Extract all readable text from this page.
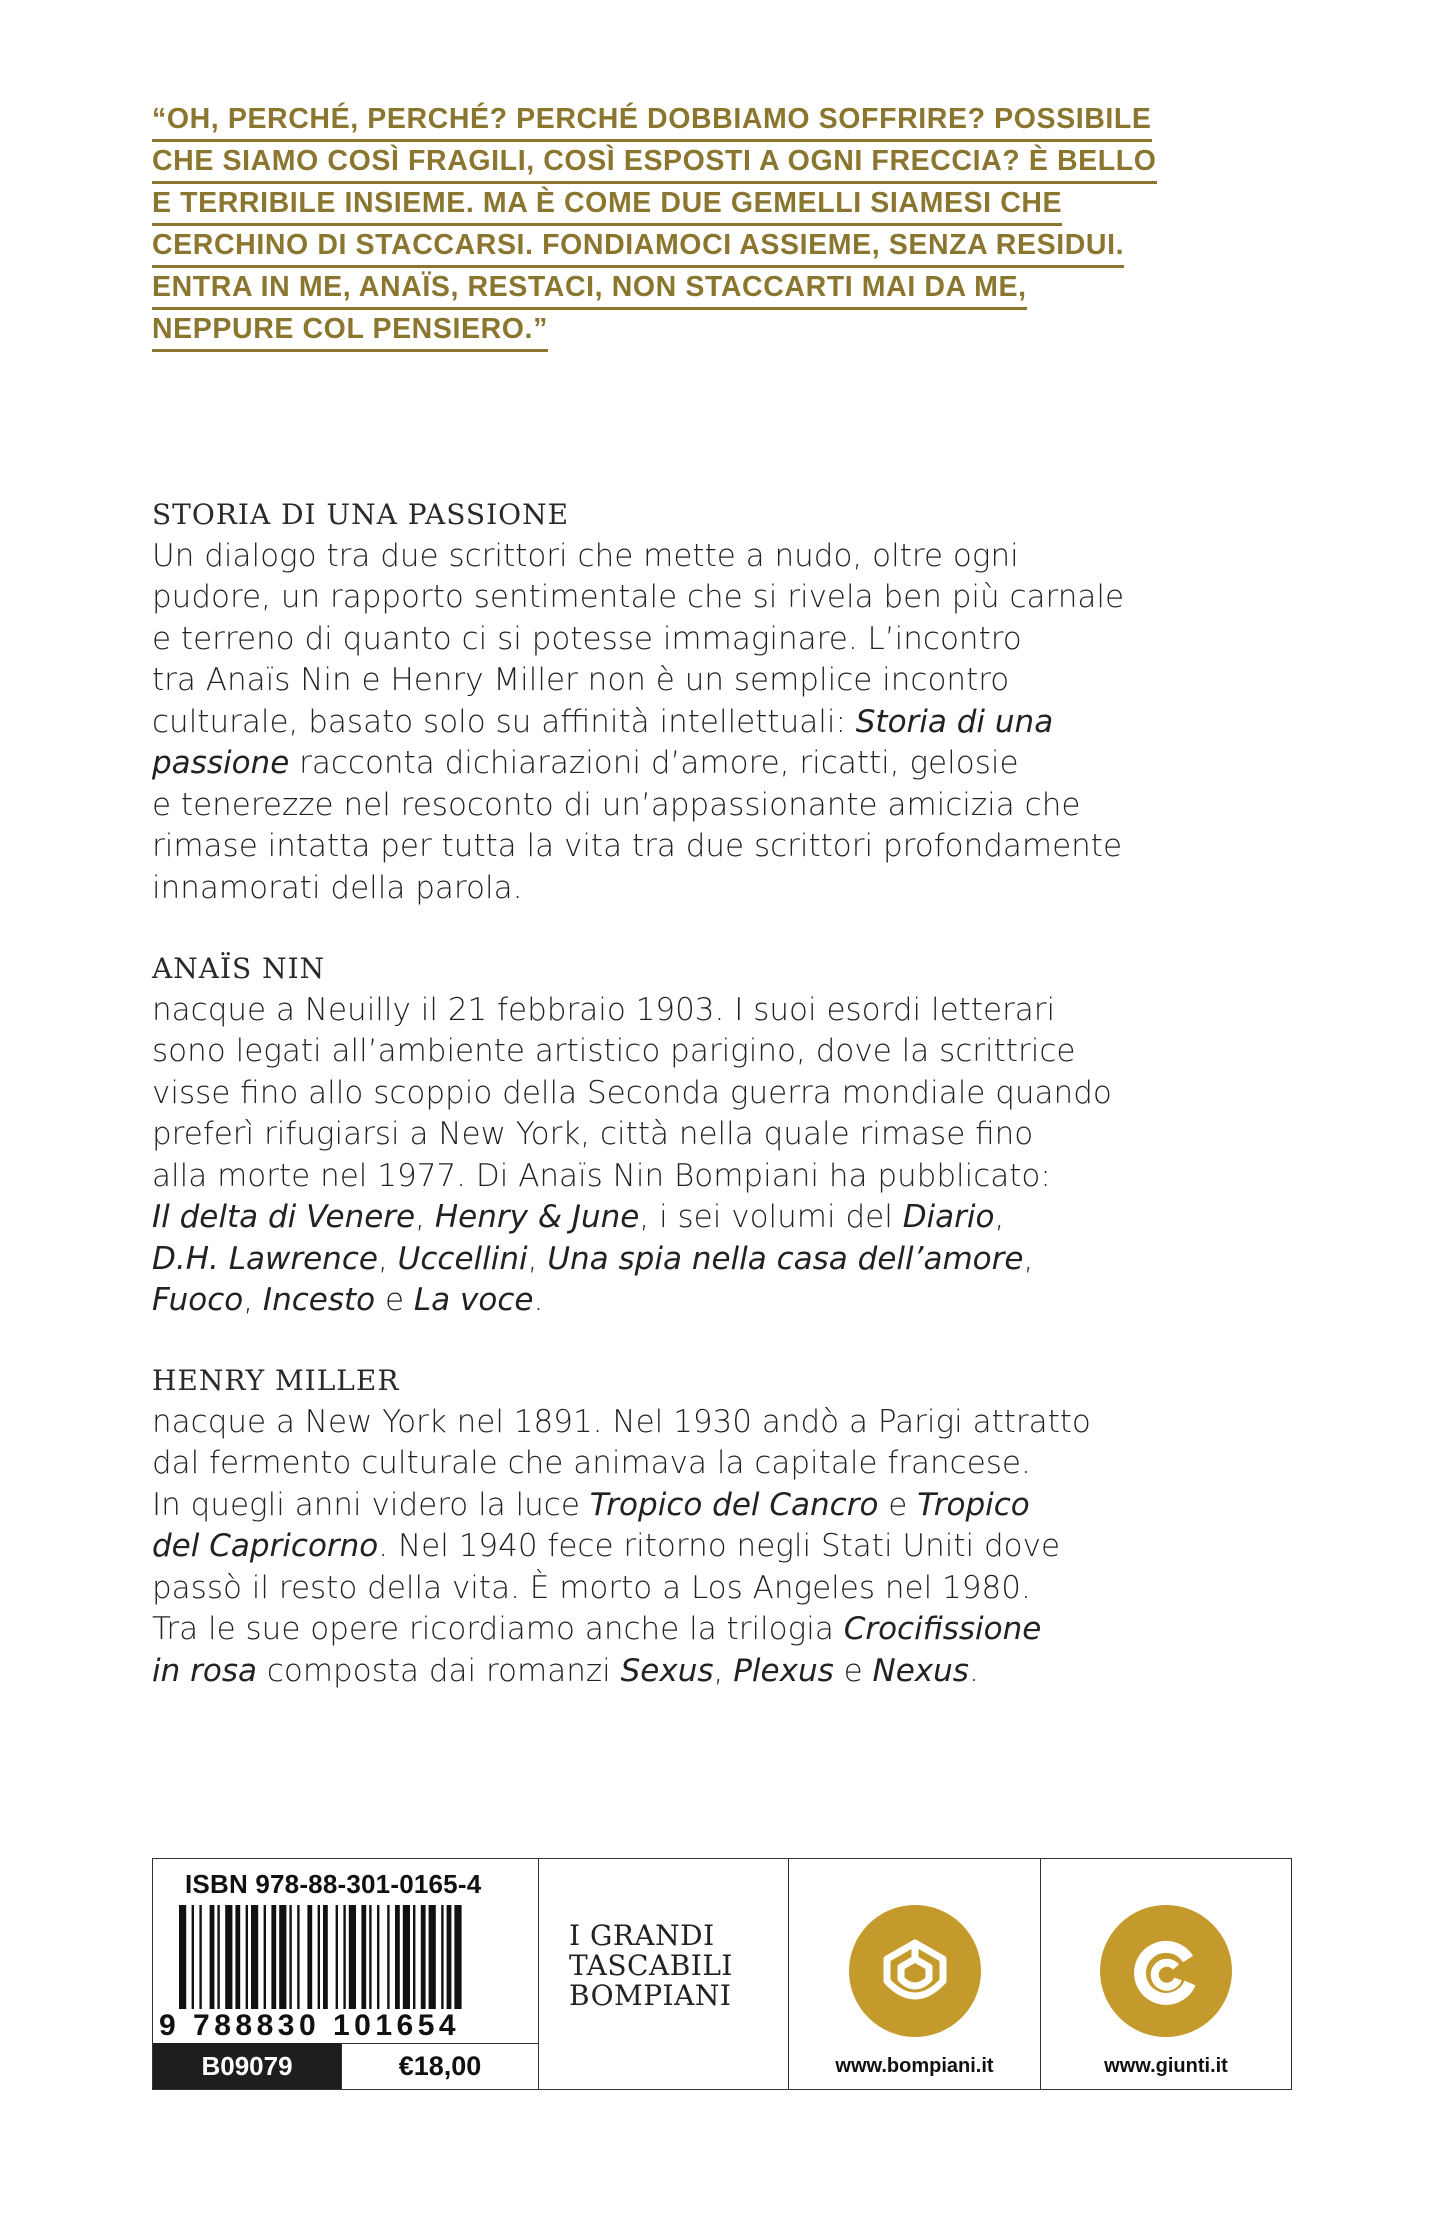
“OH, PERCHÉ, PERCHÉ? PERCHÉ DOBBIAMO SOFFRIRE? POSSIBILE
CHE SIAMO COSÌ FRAGILI, COSÌ ESPOSTI A OGNI FRECCIA? È BELLO
E TERRIBILE INSIEME. MA È COME DUE GEMELLI SIAMESI CHE
CERCHINO DI STACCARSI. FONDIAMOCI ASSIEME, SENZA RESIDUI.
ENTRA IN ME, ANAÏS, RESTACI, NON STACCARTI MAI DA ME,
NEPPURE COL PENSIERO.”
STORIA DI UNA PASSIONE
Un dialogo tra due scrittori che mette a nudo, oltre ogni
pudore, un rapporto sentimentale che si rivela ben più carnale
e terreno di quanto ci si potesse immaginare. L’incontro
tra Anaïs Nin e Henry Miller non è un semplice incontro
culturale, basato solo su affinità intellettuali: Storia di una
passione racconta dichiarazioni d’amore, ricatti, gelosie
e tenerezze nel resoconto di un’appassionante amicizia che
rimase intatta per tutta la vita tra due scrittori profondamente
innamorati della parola.
ANAÏS NIN
nacque a Neuilly il 21 febbraio 1903. I suoi esordi letterari
sono legati all’ambiente artistico parigino, dove la scrittrice
visse fino allo scoppio della Seconda guerra mondiale quando
preferì rifugiarsi a New York, città nella quale rimase fino
alla morte nel 1977. Di Anaïs Nin Bompiani ha pubblicato:
Il delta di Venere, Henry & June, i sei volumi del Diario,
D.H. Lawrence, Uccellini, Una spia nella casa dell’amore,
Fuoco, Incesto e La voce.
HENRY MILLER
nacque a New York nel 1891. Nel 1930 andò a Parigi attratto
dal fermento culturale che animava la capitale francese.
In quegli anni videro la luce Tropico del Cancro e Tropico
del Capricorno. Nel 1940 fece ritorno negli Stati Uniti dove
passò il resto della vita. È morto a Los Angeles nel 1980.
Tra le sue opere ricordiamo anche la trilogia Crocifissione
in rosa composta dai romanzi Sexus, Plexus e Nexus.
ISBN 978-88-301-0165-4
9 788830 101654
B09079	€18,00
I GRANDI
TASCABILI
BOMPIANI
www.bompiani.it	www.giunti.it
